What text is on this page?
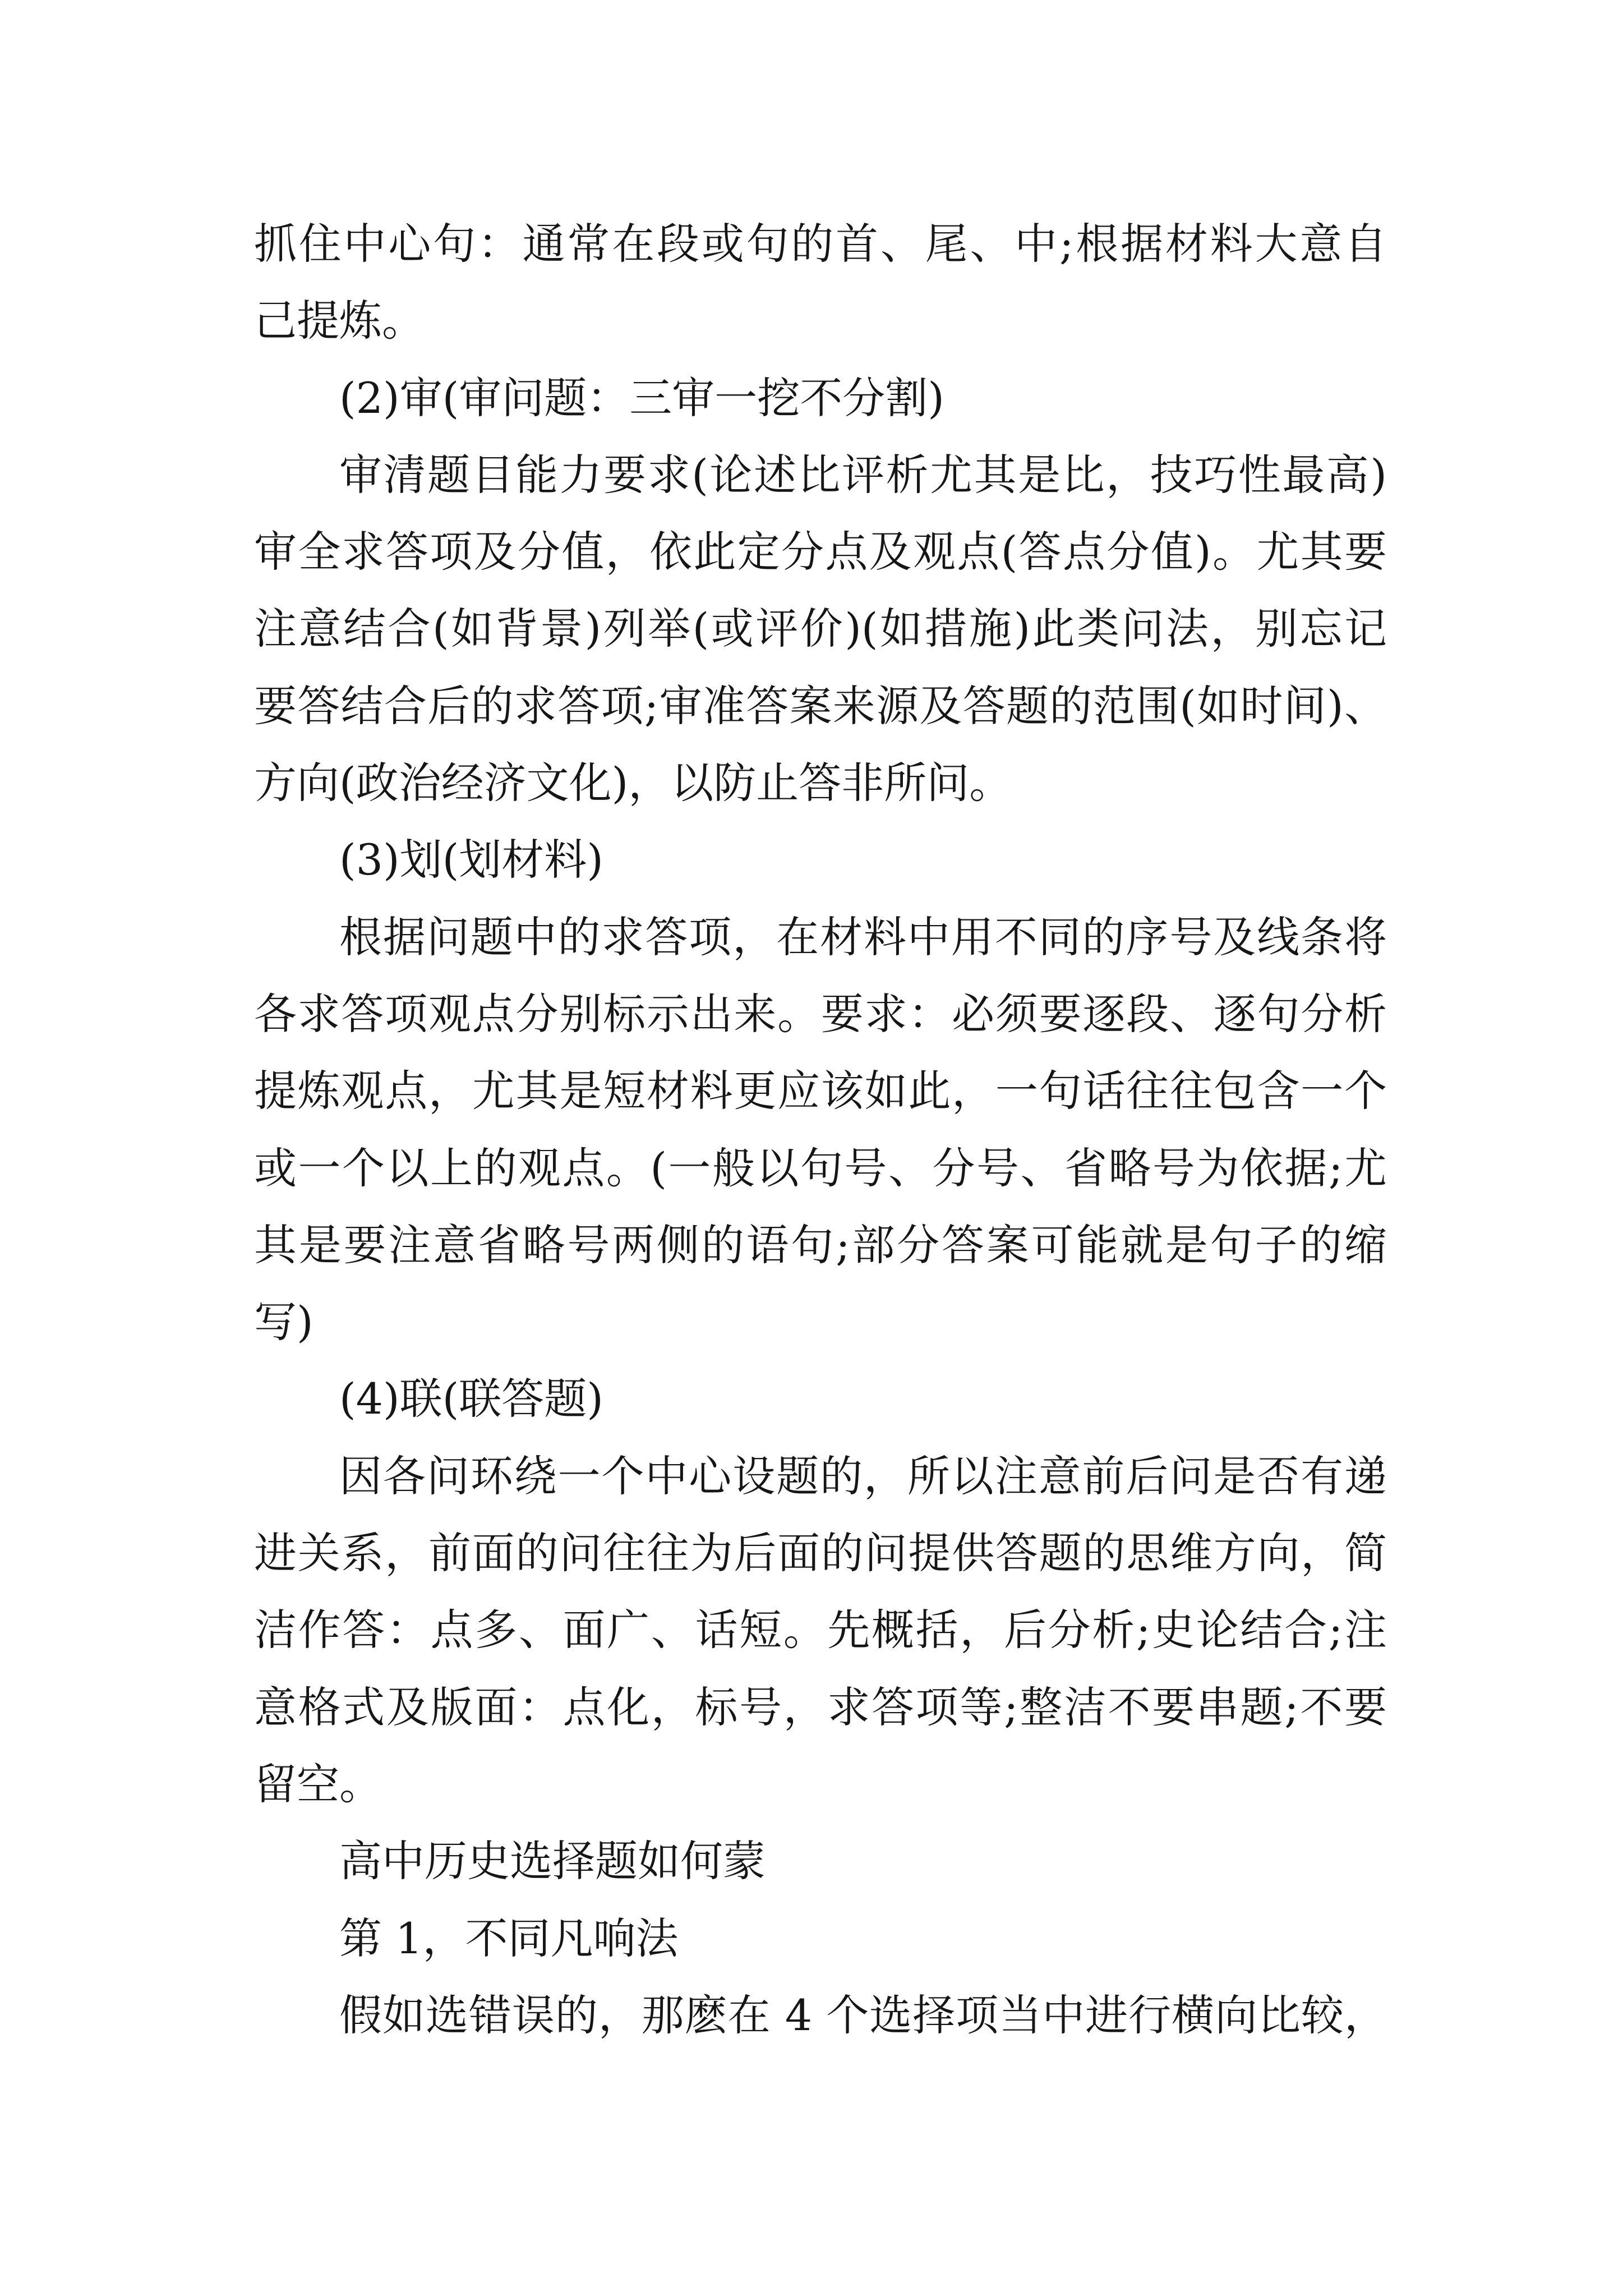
抓住中心句：通常在段或句的首、尾、中;根据材料大意自
己提炼。
(2)审(审问题：三审一挖不分割)
审清题目能力要求(论述比评析尤其是比，技巧性最高)
审全求答项及分值，依此定分点及观点(答点分值)。尤其要
注意结合(如背景)列举(或评价)(如措施)此类问法，别忘记
要答结合后的求答项;审准答案来源及答题的范围(如时间)、
方向(政治经济文化)，以防止答非所问。
(3)划(划材料)
根据问题中的求答项，在材料中用不同的序号及线条将
各求答项观点分别标示出来。要求：必须要逐段、逐句分析
提炼观点，尤其是短材料更应该如此，一句话往往包含一个
或一个以上的观点。(一般以句号、分号、省略号为依据;尤
其是要注意省略号两侧的语句;部分答案可能就是句子的缩
写)
(4)联(联答题)
因各问环绕一个中心设题的，所以注意前后问是否有递
进关系，前面的问往往为后面的问提供答题的思维方向，简
洁作答：点多、面广、话短。先概括，后分析;史论结合;注
意格式及版面：点化，标号，求答项等;整洁不要串题;不要
留空。
高中历史选择题如何蒙
第 1，不同凡响法
假如选错误的，那麽在 4 个选择项当中进行横向比较，
